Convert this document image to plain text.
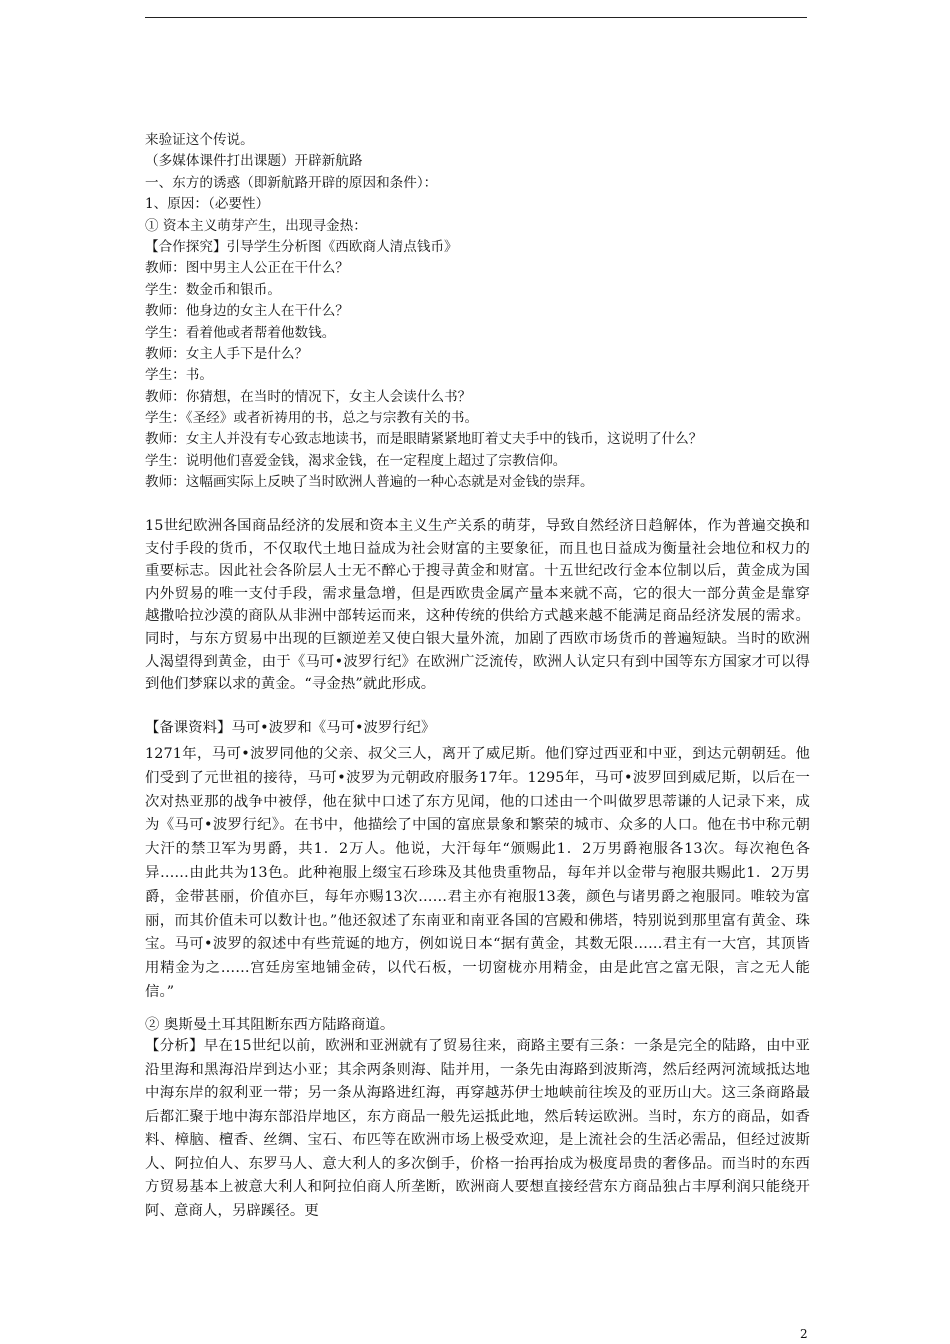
来验证这个传说。
（多媒体课件打出课题）开辟新航路
一、东方的诱惑（即新航路开辟的原因和条件）：
1、原因：（必要性）
① 资本主义萌芽产生，出现寻金热：
【合作探究】引导学生分析图《西欧商人清点钱币》
教师：图中男主人公正在干什么？
学生：数金币和银币。
教师：他身边的女主人在干什么？
学生：看着他或者帮着他数钱。
教师：女主人手下是什么？
学生：书。
教师：你猜想，在当时的情况下，女主人会读什么书？
学生：《圣经》或者祈祷用的书，总之与宗教有关的书。
教师：女主人并没有专心致志地读书，而是眼睛紧紧地盯着丈夫手中的钱币，这说明了什么？
学生：说明他们喜爱金钱，渴求金钱，在一定程度上超过了宗教信仰。
教师：这幅画实际上反映了当时欧洲人普遍的一种心态就是对金钱的崇拜。
15世纪欧洲各国商品经济的发展和资本主义生产关系的萌芽，导致自然经济日趋解体，作为普遍交换和支付手段的货币，不仅取代土地日益成为社会财富的主要象征，而且也日益成为衡量社会地位和权力的重要标志。因此社会各阶层人士无不醉心于搜寻黄金和财富。十五世纪改行金本位制以后，黄金成为国内外贸易的唯一支付手段，需求量急增，但是西欧贵金属产量本来就不高，它的很大一部分黄金是靠穿越撒哈拉沙漠的商队从非洲中部转运而来，这种传统的供给方式越来越不能满足商品经济发展的需求。同时，与东方贸易中出现的巨额逆差又使白银大量外流，加剧了西欧市场货币的普遍短缺。当时的欧洲人渴望得到黄金，由于《马可•波罗行纪》在欧洲广泛流传，欧洲人认定只有到中国等东方国家才可以得到他们梦寐以求的黄金。“寻金热”就此形成。
【备课资料】马可•波罗和《马可•波罗行纪》
1271年，马可•波罗同他的父亲、叔父三人，离开了威尼斯。他们穿过西亚和中亚，到达元朝朝廷。他们受到了元世祖的接待，马可•波罗为元朝政府服务17年。1295年，马可•波罗回到威尼斯，以后在一次对热亚那的战争中被俘，他在狱中口述了东方见闻，他的口述由一个叫做罗思蒂谦的人记录下来，成为《马可•波罗行纪》。在书中，他描绘了中国的富庶景象和繁荣的城市、众多的人口。他在书中称元朝大汗的禁卫军为男爵，共1．2万人。他说，大汗每年“颁赐此1．2万男爵袍服各13次。每次袍色各异……由此共为13色。此种袍服上缀宝石珍珠及其他贵重物品，每年并以金带与袍服共赐此1．2万男爵，金带甚丽，价值亦巨，每年亦赐13次……君主亦有袍服13袭，颜色与诸男爵之袍服同。唯较为富丽，而其价值未可以数计也。”他还叙述了东南亚和南亚各国的宫殿和佛塔，特别说到那里富有黄金、珠宝。马可•波罗的叙述中有些荒诞的地方，例如说日本“据有黄金，其数无限……君主有一大宫，其顶皆用精金为之……宫廷房室地铺金砖，以代石板，一切窗栊亦用精金，由是此宫之富无限，言之无人能信。”
② 奥斯曼土耳其阻断东西方陆路商道。
【分析】早在15世纪以前，欧洲和亚洲就有了贸易往来，商路主要有三条：一条是完全的陆路，由中亚沿里海和黑海沿岸到达小亚；其余两条则海、陆并用，一条先由海路到波斯湾，然后经两河流域抵达地中海东岸的叙利亚一带；另一条从海路进红海，再穿越苏伊士地峡前往埃及的亚历山大。这三条商路最后都汇聚于地中海东部沿岸地区，东方商品一般先运抵此地，然后转运欧洲。当时，东方的商品，如香料、樟脑、檀香、丝绸、宝石、布匹等在欧洲市场上极受欢迎，是上流社会的生活必需品，但经过波斯人、阿拉伯人、东罗马人、意大利人的多次倒手，价格一抬再抬成为极度昂贵的奢侈品。而当时的东西方贸易基本上被意大利人和阿拉伯商人所垄断，欧洲商人要想直接经营东方商品独占丰厚利润只能绕开阿、意商人，另辟蹊径。更
2
